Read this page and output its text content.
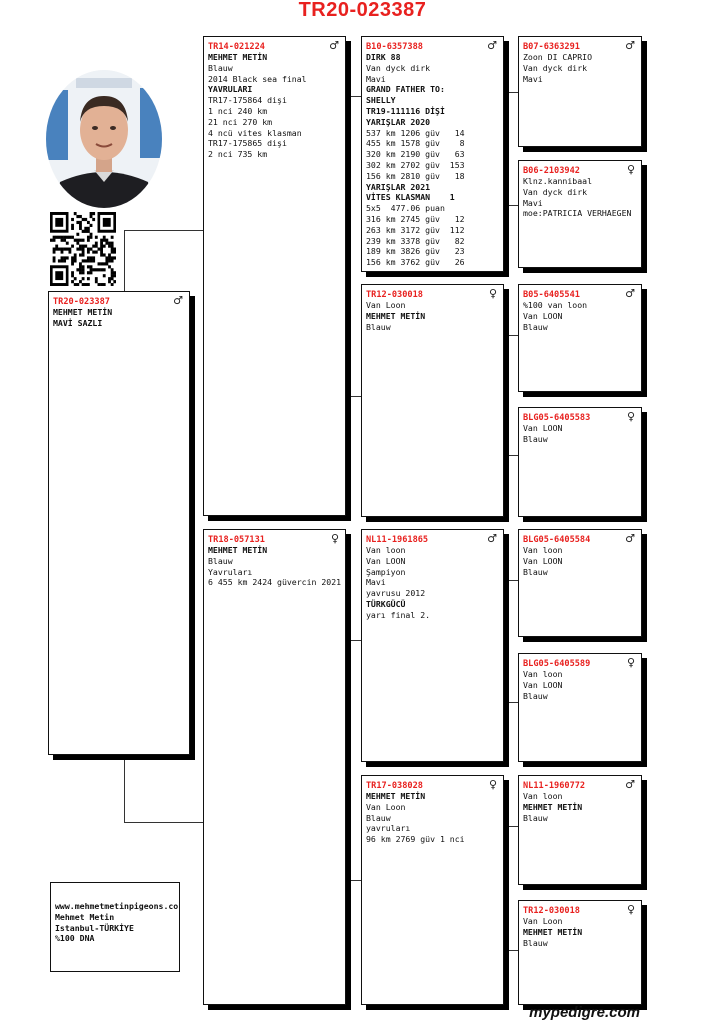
TR20-023387
TR20-023387	♂
MEHMET METİN
MAVİ SAZLI
TR14-021224	♂
MEHMET METİN
Blauw
2014 Black sea final
YAVRULARI
TR17-175864 dişi
1 nci 240 km
21 nci 270 km
4 ncü vites klasman
TR17-175865 dişi
2 nci 735 km
TR18-057131	♀
MEHMET METİN
Blauw
Yavruları
6 455 km 2424 güvercin 2021
B10-6357388	♂
DIRK 88
Van dyck dirk
Mavi
GRAND FATHER TO:
SHELLY
TR19-111116 DİŞİ
YARIŞLAR 2020
537 km 1206 güv   14
455 km 1578 güv    8
320 km 2190 güv   63
302 km 2702 güv  153
156 km 2810 güv   18
YARIŞLAR 2021
VİTES KLASMAN    1
5x5  477.06 puan
316 km 2745 güv   12
263 km 3172 güv  112
239 km 3378 güv   82
189 km 3826 güv   23
156 km 3762 güv   26
TR12-030018	♀
Van Loon
MEHMET METİN
Blauw
NL11-1961865	♂
Van loon
Van LOON
Şampiyon
Mavi
yavrusu 2012
TÜRKGÜCÜ
yarı final 2.
TR17-038028	♀
MEHMET METİN
Van Loon
Blauw
yavruları
96 km 2769 güv 1 nci
B07-6363291	♂
Zoon DI CAPRIO
Van dyck dirk
Mavi
B06-2103942	♀
Klnz.kannibaal
Van dyck dirk
Mavi
moe:PATRICIA VERHAEGEN
B05-6405541	♂
%100 van loon
Van LOON
Blauw
BLG05-6405583	♀
Van LOON
Blauw
BLG05-6405584	♂
Van loon
Van LOON
Blauw
BLG05-6405589	♀
Van loon
Van LOON
Blauw
NL11-1960772	♂
Van loon
MEHMET METİN
Blauw
TR12-030018	♀
Van Loon
MEHMET METİN
Blauw
www.mehmetmetinpigeons.co
Mehmet Metin
Istanbul-TÜRKİYE
%100 DNA
mypedigre.com
